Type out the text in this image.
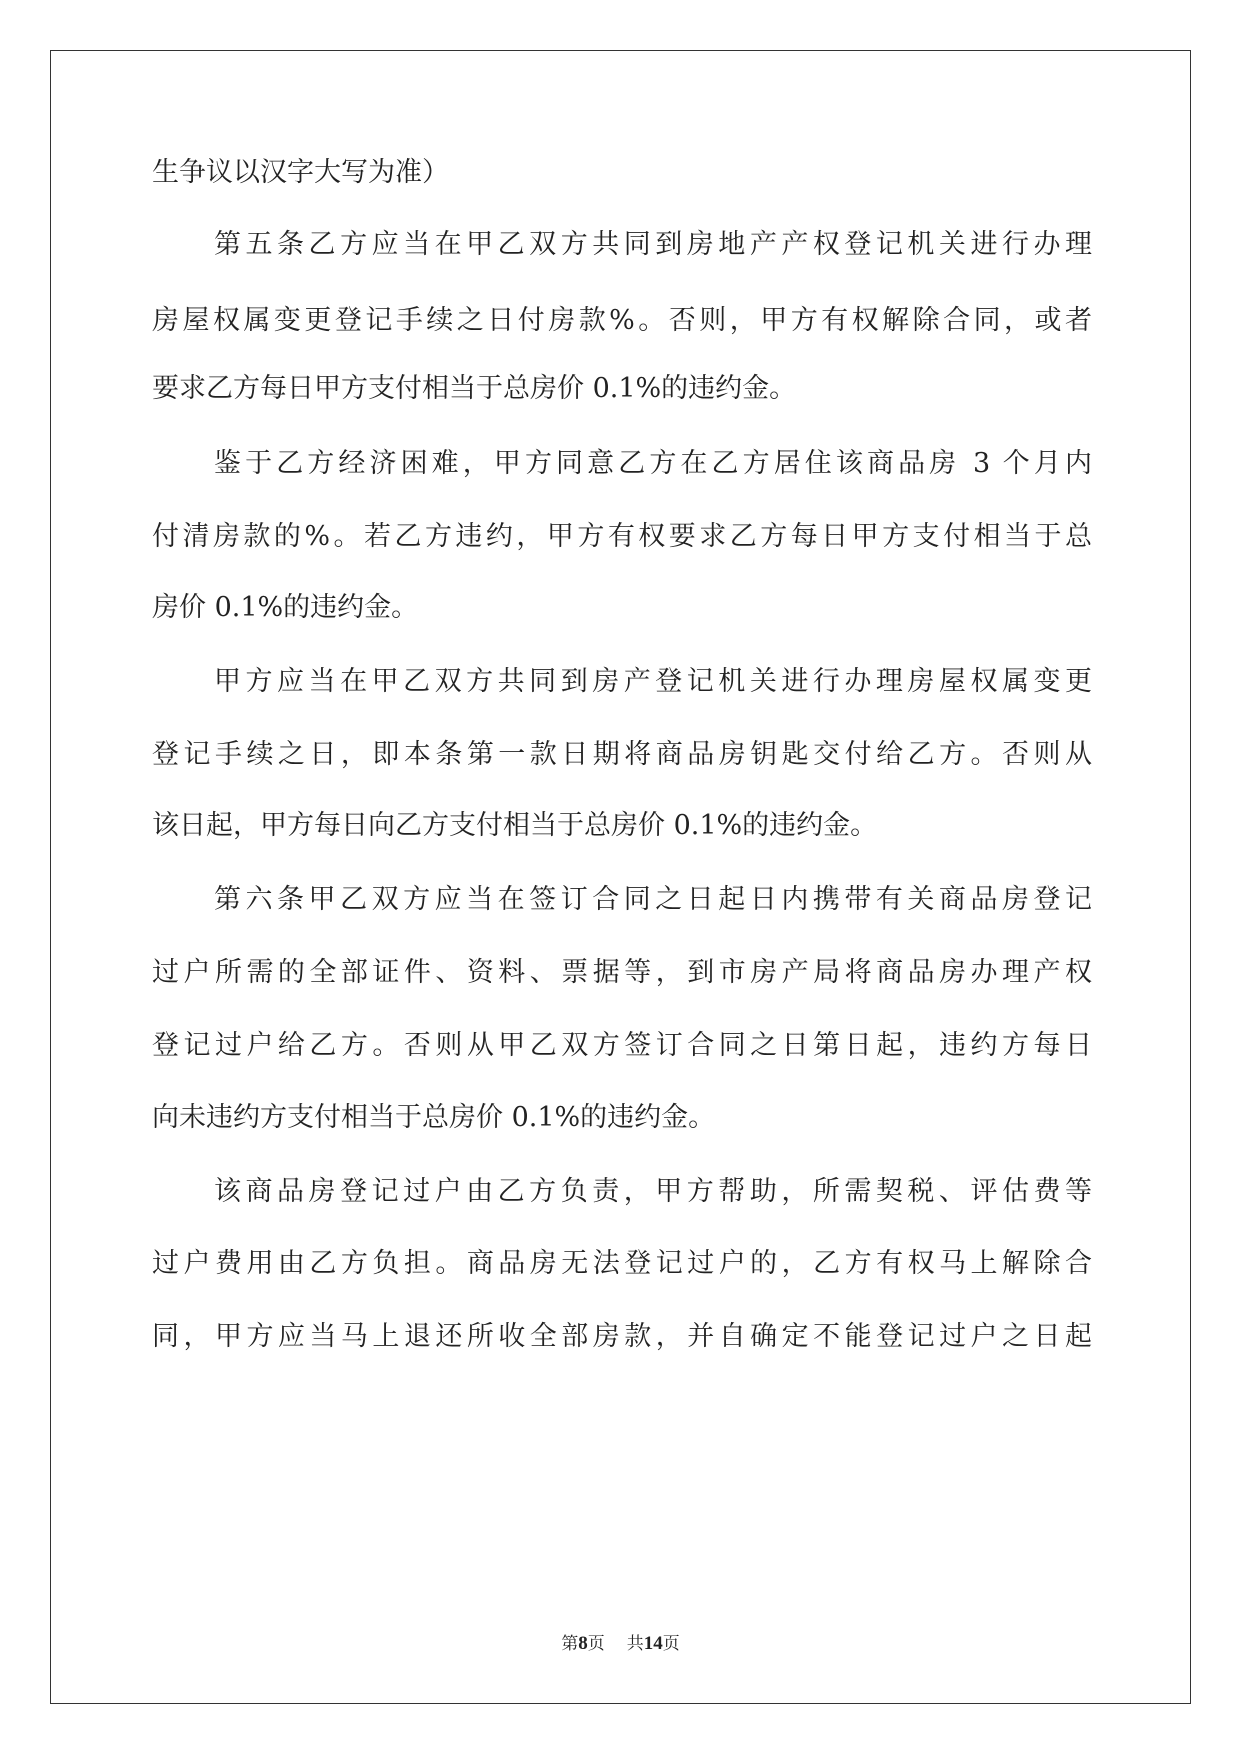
生争议以汉字大写为准）
第五条乙方应当在甲乙双方共同到房地产产权登记机关进行办理
房屋权属变更登记手续之日付房款%。否则，甲方有权解除合同，或者
要求乙方每日甲方支付相当于总房价 0.1%的违约金。
鉴于乙方经济困难，甲方同意乙方在乙方居住该商品房 3 个月内
付清房款的%。若乙方违约，甲方有权要求乙方每日甲方支付相当于总
房价 0.1%的违约金。
甲方应当在甲乙双方共同到房产登记机关进行办理房屋权属变更
登记手续之日，即本条第一款日期将商品房钥匙交付给乙方。否则从
该日起，甲方每日向乙方支付相当于总房价 0.1%的违约金。
第六条甲乙双方应当在签订合同之日起日内携带有关商品房登记
过户所需的全部证件、资料、票据等，到市房产局将商品房办理产权
登记过户给乙方。否则从甲乙双方签订合同之日第日起，违约方每日
向未违约方支付相当于总房价 0.1%的违约金。
该商品房登记过户由乙方负责，甲方帮助，所需契税、评估费等
过户费用由乙方负担。商品房无法登记过户的，乙方有权马上解除合
同，甲方应当马上退还所收全部房款，并自确定不能登记过户之日起
第8页 共14页
